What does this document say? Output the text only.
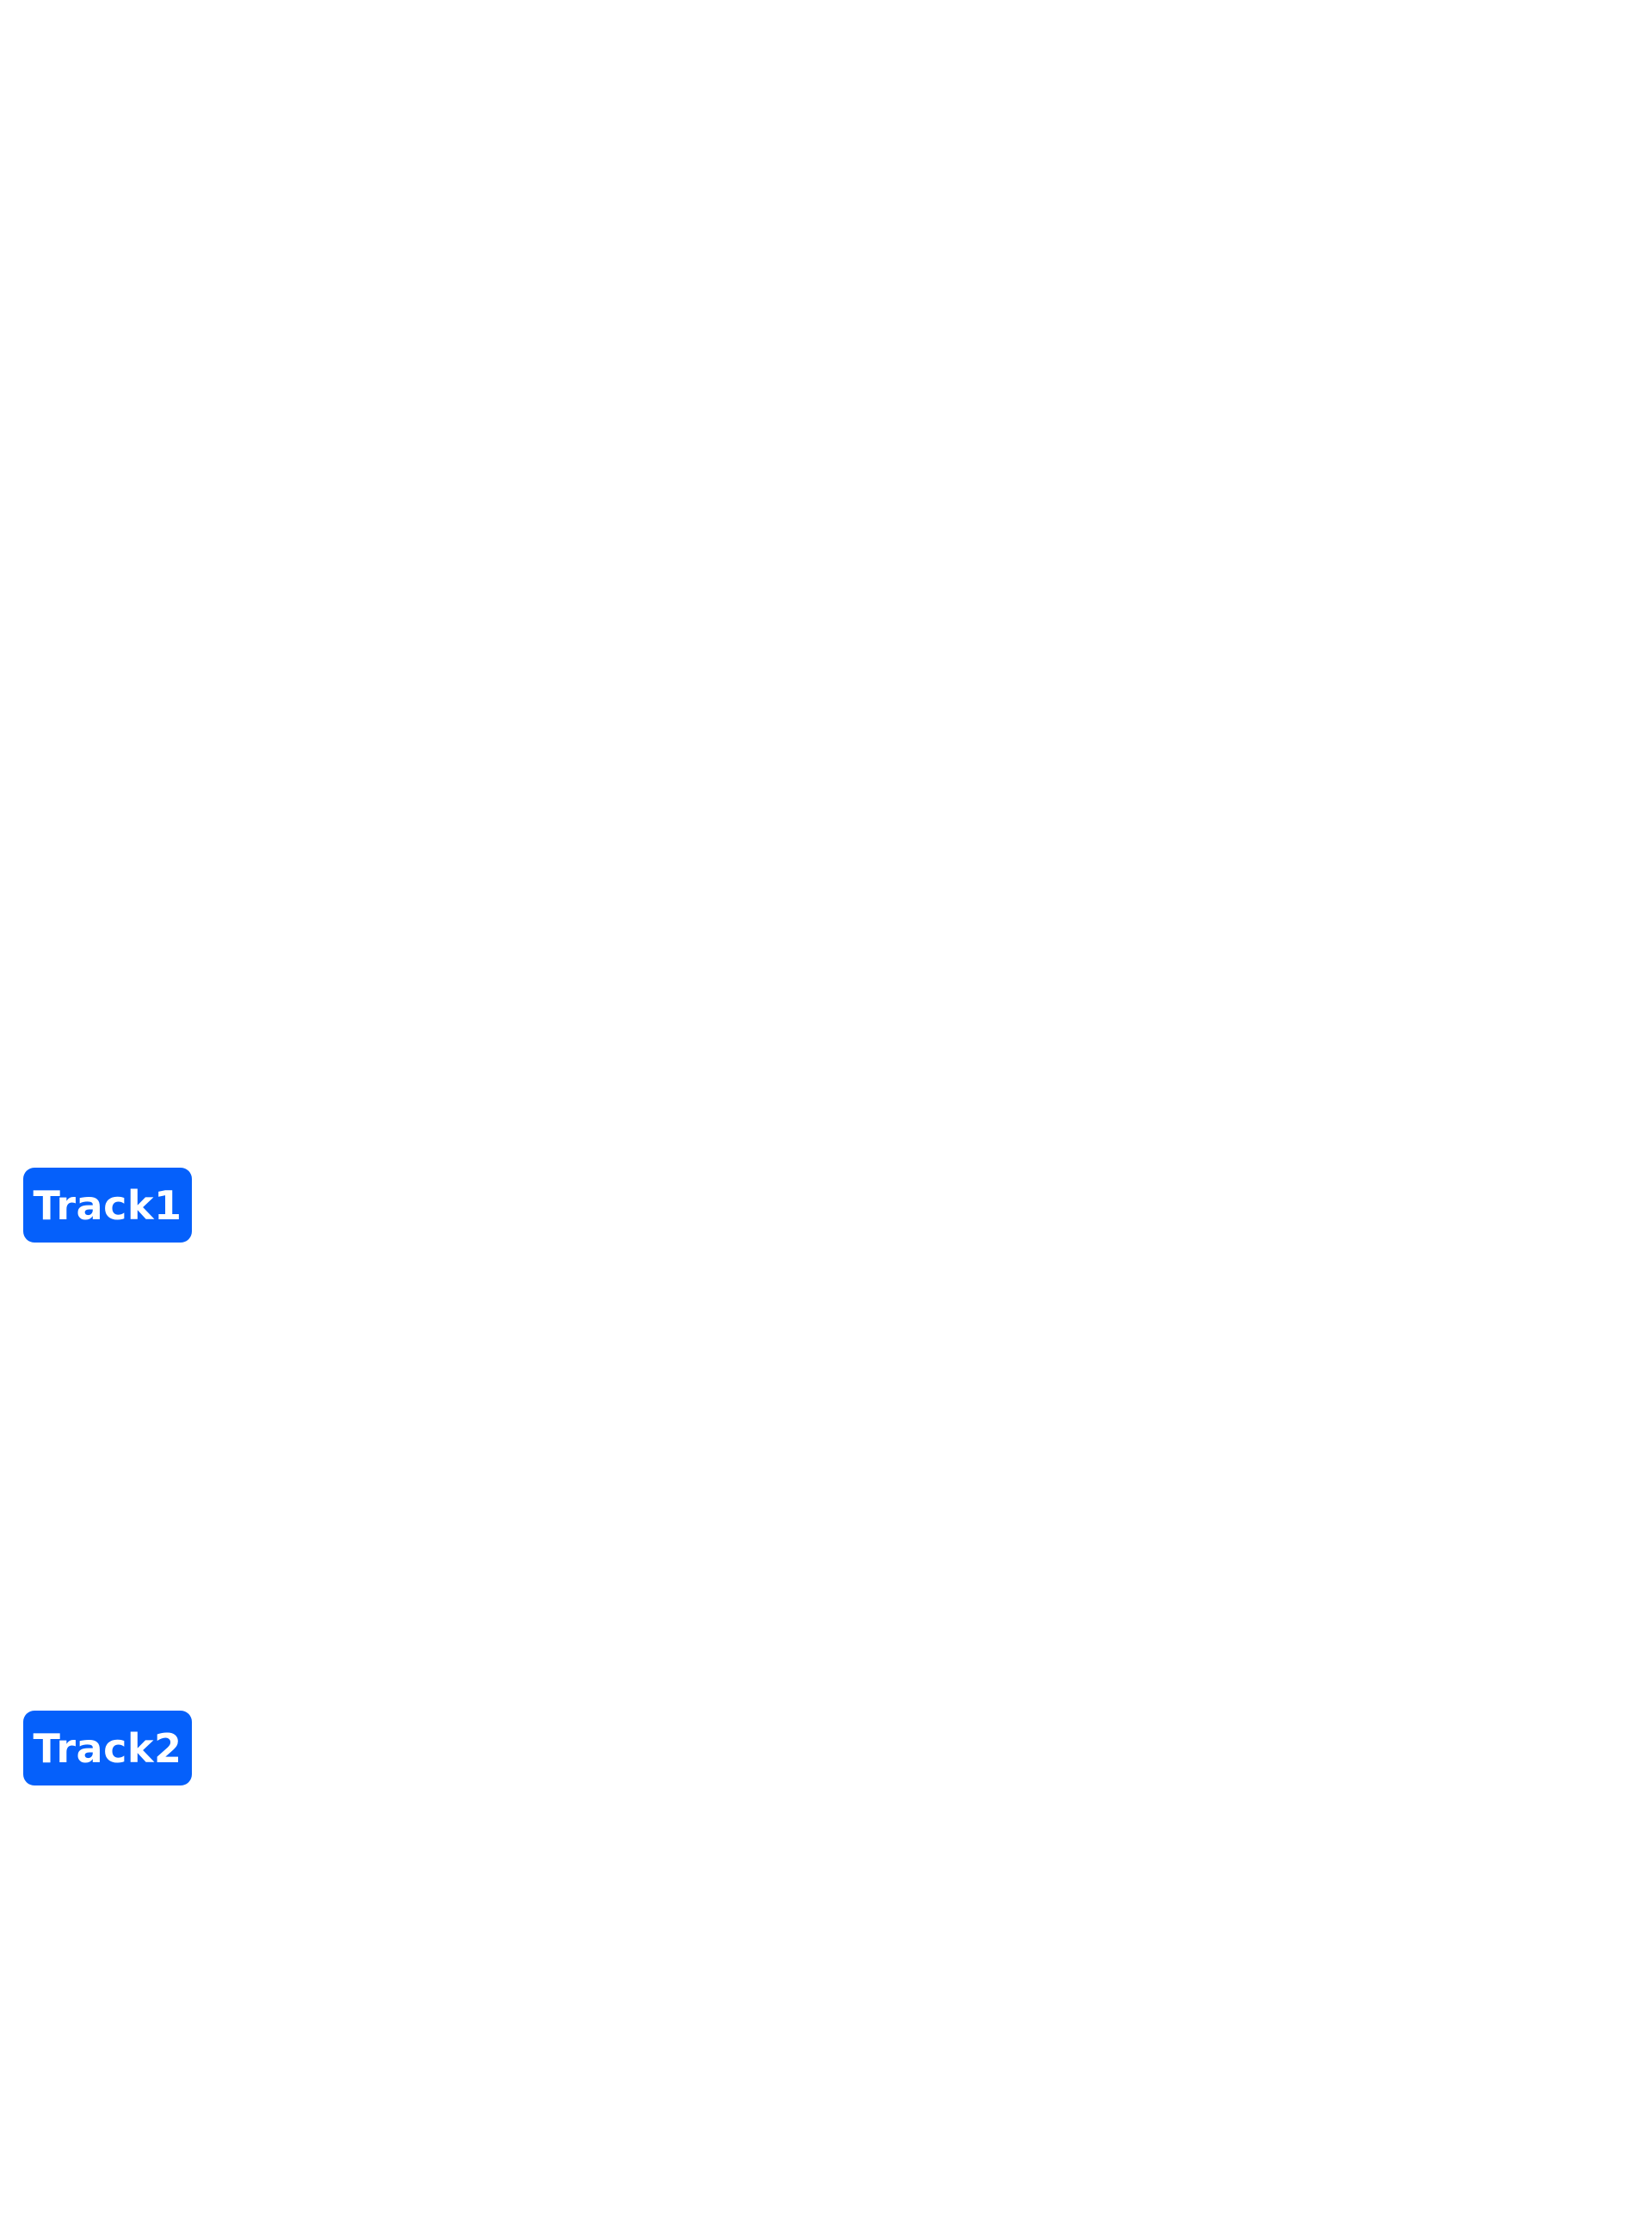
Track1
Track2
